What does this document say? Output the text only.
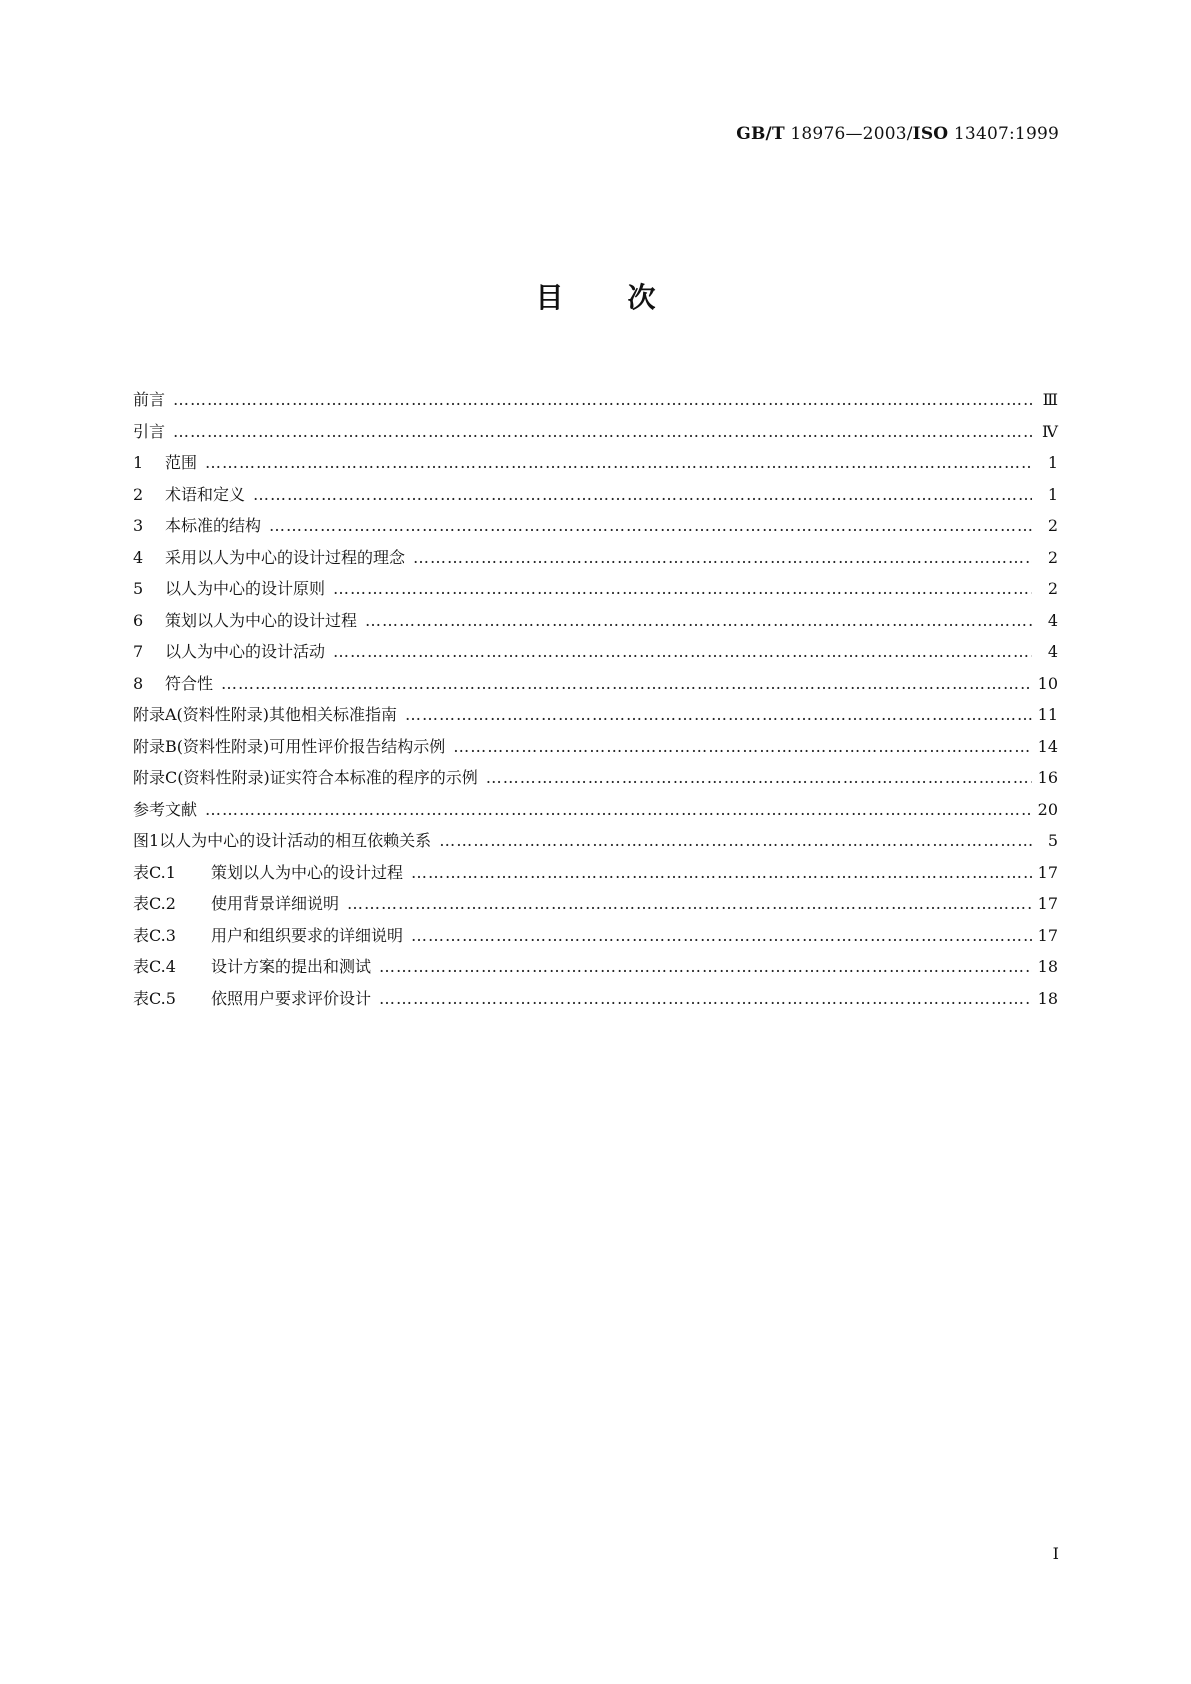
GB/T 18976—2003/ISO 13407:1999
目 次
前言 …………………………………………………………………………………………………………………………………………………………………………………………………………………	Ⅲ
引言 …………………………………………………………………………………………………………………………………………………………………………………………………………………	Ⅳ
1	范围 …………………………………………………………………………………………………………………………………………………………………………………………………………………	1
2	术语和定义 …………………………………………………………………………………………………………………………………………………………………………………………………………………	1
3	本标准的结构 …………………………………………………………………………………………………………………………………………………………………………………………………………………	2
4	采用以人为中心的设计过程的理念 …………………………………………………………………………………………………………………………………………………………………………………………………………………	2
5	以人为中心的设计原则 …………………………………………………………………………………………………………………………………………………………………………………………………………………	2
6	策划以人为中心的设计过程 …………………………………………………………………………………………………………………………………………………………………………………………………………………	4
7	以人为中心的设计活动 …………………………………………………………………………………………………………………………………………………………………………………………………………………	4
8	符合性 …………………………………………………………………………………………………………………………………………………………………………………………………………………	10
附录A(资料性附录)其他相关标准指南 …………………………………………………………………………………………………………………………………………………………………………………………………………………	11
附录B(资料性附录)可用性评价报告结构示例 …………………………………………………………………………………………………………………………………………………………………………………………………………………	14
附录C(资料性附录)证实符合本标准的程序的示例 …………………………………………………………………………………………………………………………………………………………………………………………………………………	16
参考文献 …………………………………………………………………………………………………………………………………………………………………………………………………………………	20
图1以人为中心的设计活动的相互依赖关系 …………………………………………………………………………………………………………………………………………………………………………………………………………………	5
表C.1	策划以人为中心的设计过程 …………………………………………………………………………………………………………………………………………………………………………………………………………………	17
表C.2	使用背景详细说明 …………………………………………………………………………………………………………………………………………………………………………………………………………………	17
表C.3	用户和组织要求的详细说明 …………………………………………………………………………………………………………………………………………………………………………………………………………………	17
表C.4	设计方案的提出和测试 …………………………………………………………………………………………………………………………………………………………………………………………………………………	18
表C.5	依照用户要求评价设计 …………………………………………………………………………………………………………………………………………………………………………………………………………………	18
Ⅰ
